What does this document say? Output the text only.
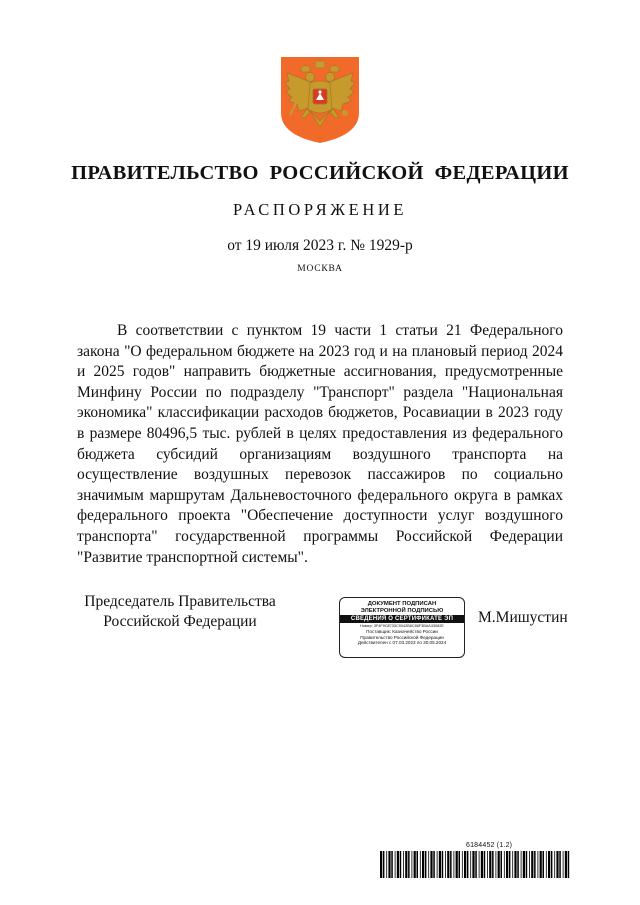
ПРАВИТЕЛЬСТВО  РОССИЙСКОЙ  ФЕДЕРАЦИИ
РАСПОРЯЖЕНИЕ
от 19 июля 2023 г. № 1929-р
МОСКВА
В соответствии с пунктом 19 части 1 статьи 21 Федерального закона "О федеральном бюджете на 2023 год и на плановый период 2024 и 2025 годов" направить бюджетные ассигнования, предусмотренные Минфину России по подразделу "Транспорт" раздела "Национальная экономика" классификации расходов бюджетов, Росавиации в 2023 году в размере 80496,5 тыс. рублей в целях предоставления из федерального бюджета субсидий организациям воздушного транспорта на осуществление воздушных перевозок пассажиров по социально значимым маршрутам Дальневосточного федерального округа в рамках федерального проекта "Обеспечение доступности услуг воздушного транспорта" государственной программы Российской Федерации "Развитие транспортной системы".
Председатель Правительства
Российской Федерации
ДОКУМЕНТ ПОДПИСАН
ЭЛЕКТРОННОЙ ПОДПИСЬЮ
СВЕДЕНИЯ О СЕРТИФИКАТЕ ЭП
Номер: 3F4F9C8733C9042B6C86F3BAA33082E
Поставщик: Казначейство России
Правительство Российской Федерации
Действителен с 07.03.2023 по 30.05.2024
М.Мишустин
6184452 (1.2)
